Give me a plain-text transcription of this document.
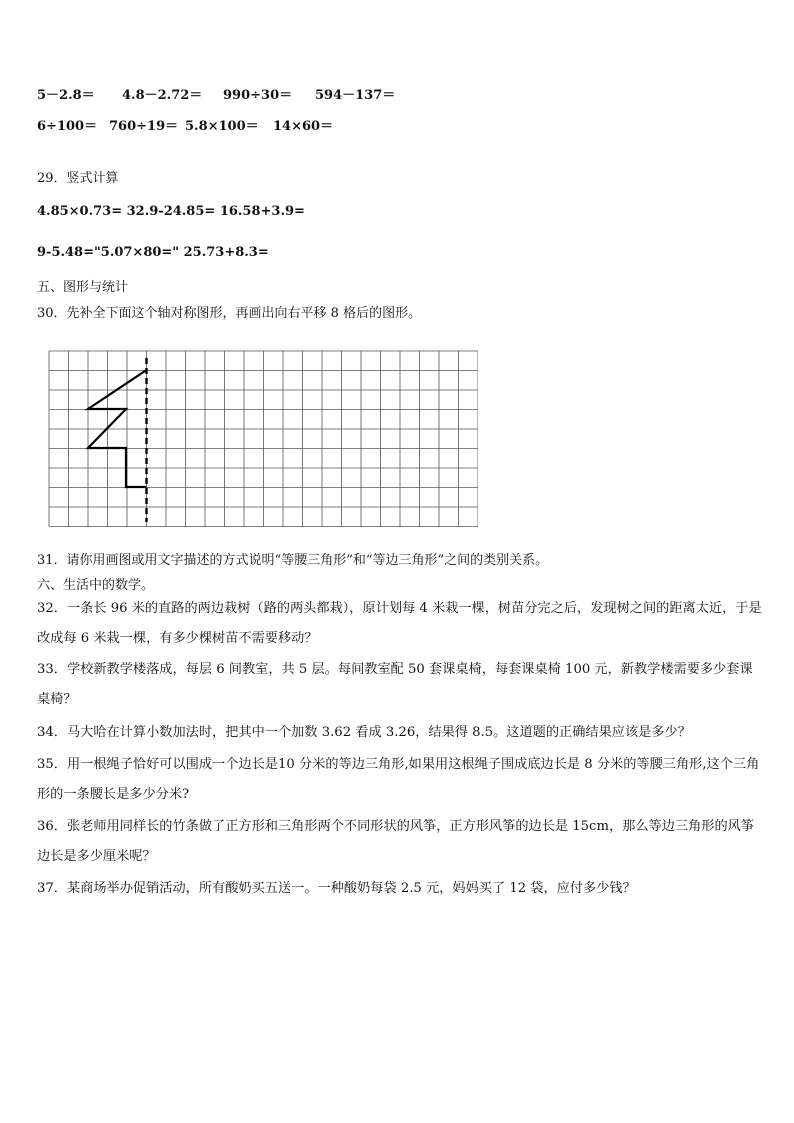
5－2.8＝ 4.8－2.72＝ 990÷30＝ 594－137＝
6÷100＝ 760÷19＝ 5.8×100＝ 14×60＝
29．竖式计算
4.85×0.73= 32.9-24.85= 16.58+3.9=
9-5.48="5.07×80=" 25.73+8.3=
五、图形与统计
30．先补全下面这个轴对称图形，再画出向右平移 8 格后的图形。
31．请你用画图或用文字描述的方式说明“等腰三角形”和“等边三角形”之间的类别关系。
六、生活中的数学。
32．一条长 96 米的直路的两边栽树（路的两头都栽），原计划每 4 米栽一棵，树苗分完之后，发现树之间的距离太近，于是改成每 6 米栽一棵，有多少棵树苗不需要移动？
33．学校新教学楼落成，每层 6 间教室，共 5 层。每间教室配 50 套课桌椅，每套课桌椅 100 元，新教学楼需要多少套课桌椅？
34．马大哈在计算小数加法时，把其中一个加数 3.62 看成 3.26，结果得 8.5。这道题的正确结果应该是多少？
35．用一根绳子恰好可以围成一个边长是10 分米的等边三角形,如果用这根绳子围成底边长是 8 分米的等腰三角形,这个三角形的一条腰长是多少分米?
36．张老师用同样长的竹条做了正方形和三角形两个不同形状的风筝，正方形风筝的边长是 15cm，那么等边三角形的风筝边长是多少厘米呢？
37．某商场举办促销活动，所有酸奶买五送一。一种酸奶每袋 2.5 元，妈妈买了 12 袋，应付多少钱？
